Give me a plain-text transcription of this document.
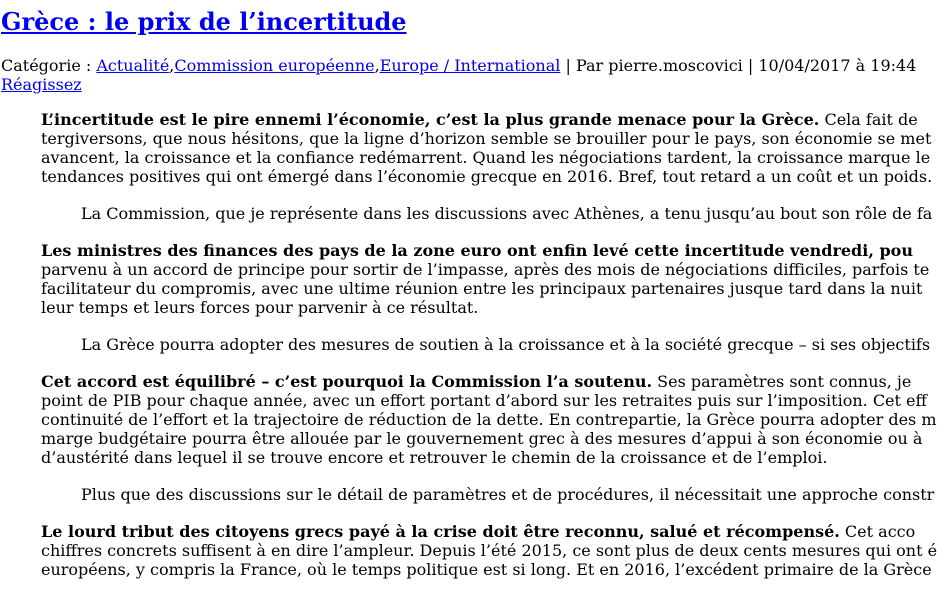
Grèce : le prix de l’incertitude
Catégorie : Actualité,Commission européenne,Europe / International | Par pierre.moscovici | 10/04/2017 à 19:44
Réagissez

L’incertitude est le pire ennemi l’économie, c’est la plus grande menace pour la Grèce. Cela fait de
tergiversons, que nous hésitons, que la ligne d’horizon semble se brouiller pour le pays, son économie se met
avancent, la croissance et la confiance redémarrent. Quand les négociations tardent, la croissance marque le
tendances positives qui ont émergé dans l’économie grecque en 2016. Bref, tout retard a un coût et un poids.

La Commission, que je représente dans les discussions avec Athènes, a tenu jusqu’au bout son rôle de fa

Les ministres des finances des pays de la zone euro ont enfin levé cette incertitude vendredi, pou
parvenu à un accord de principe pour sortir de l’impasse, après des mois de négociations difficiles, parfois te
facilitateur du compromis, avec une ultime réunion entre les principaux partenaires jusque tard dans la nuit
leur temps et leurs forces pour parvenir à ce résultat.

La Grèce pourra adopter des mesures de soutien à la croissance et à la société grecque – si ses objectifs

Cet accord est équilibré – c’est pourquoi la Commission l’a soutenu. Ses paramètres sont connus, je
point de PIB pour chaque année, avec un effort portant d’abord sur les retraites puis sur l’imposition. Cet eff
continuité de l’effort et la trajectoire de réduction de la dette. En contrepartie, la Grèce pourra adopter des m
marge budgétaire pourra être allouée par le gouvernement grec à des mesures d’appui à son économie ou à
d’austérité dans lequel il se trouve encore et retrouver le chemin de la croissance et de l’emploi.

Plus que des discussions sur le détail de paramètres et de procédures, il nécessitait une approche constr

Le lourd tribut des citoyens grecs payé à la crise doit être reconnu, salué et récompensé. Cet acco
chiffres concrets suffisent à en dire l’ampleur. Depuis l’été 2015, ce sont plus de deux cents mesures qui ont é
européens, y compris la France, où le temps politique est si long. Et en 2016, l’excédent primaire de la Grèce
